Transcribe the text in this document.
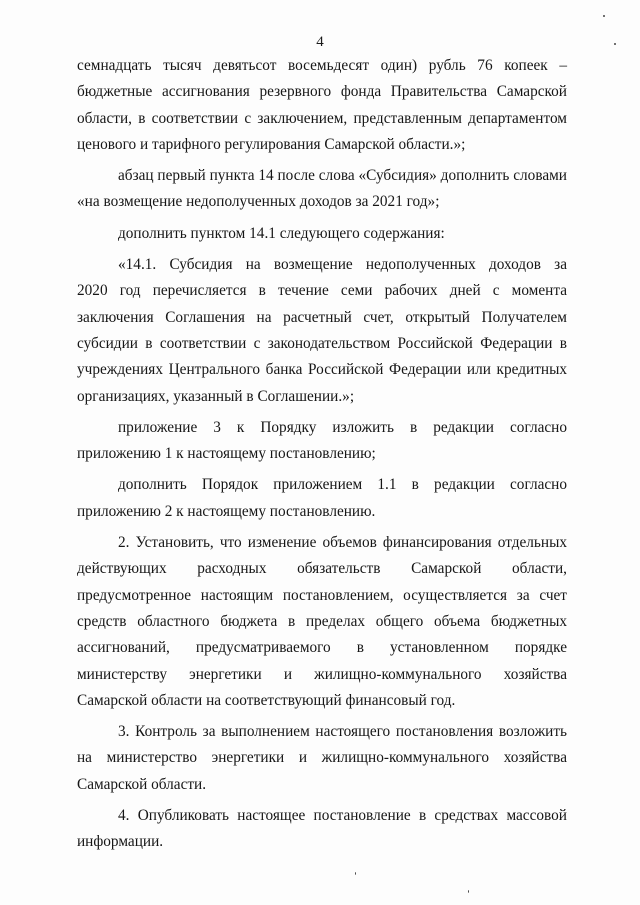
4
семнадцать тысяч девятьсот восемьдесят один) рубль 76 копеек –
бюджетные ассигнования резервного фонда Правительства Самарской
области, в соответствии с заключением, представленным департаментом
ценового и тарифного регулирования Самарской области.»;
абзац первый пункта 14 после слова «Субсидия» дополнить словами
«на возмещение недополученных доходов за 2021 год»;
дополнить пунктом 14.1 следующего содержания:
«14.1. Субсидия на возмещение недополученных доходов за
2020 год перечисляется в течение семи рабочих дней с момента
заключения Соглашения на расчетный счет, открытый Получателем
субсидии в соответствии с законодательством Российской Федерации в
учреждениях Центрального банка Российской Федерации или кредитных
организациях, указанный в Соглашении.»;
приложение 3 к Порядку изложить в редакции согласно
приложению 1 к настоящему постановлению;
дополнить Порядок приложением 1.1 в редакции согласно
приложению 2 к настоящему постановлению.
2. Установить, что изменение объемов финансирования отдельных
действующих расходных обязательств Самарской области,
предусмотренное настоящим постановлением, осуществляется за счет
средств областного бюджета в пределах общего объема бюджетных
ассигнований, предусматриваемого в установленном порядке
министерству энергетики и жилищно-коммунального хозяйства
Самарской области на соответствующий финансовый год.
3. Контроль за выполнением настоящего постановления возложить
на министерство энергетики и жилищно-коммунального хозяйства
Самарской области.
4. Опубликовать настоящее постановление в средствах массовой
информации.
